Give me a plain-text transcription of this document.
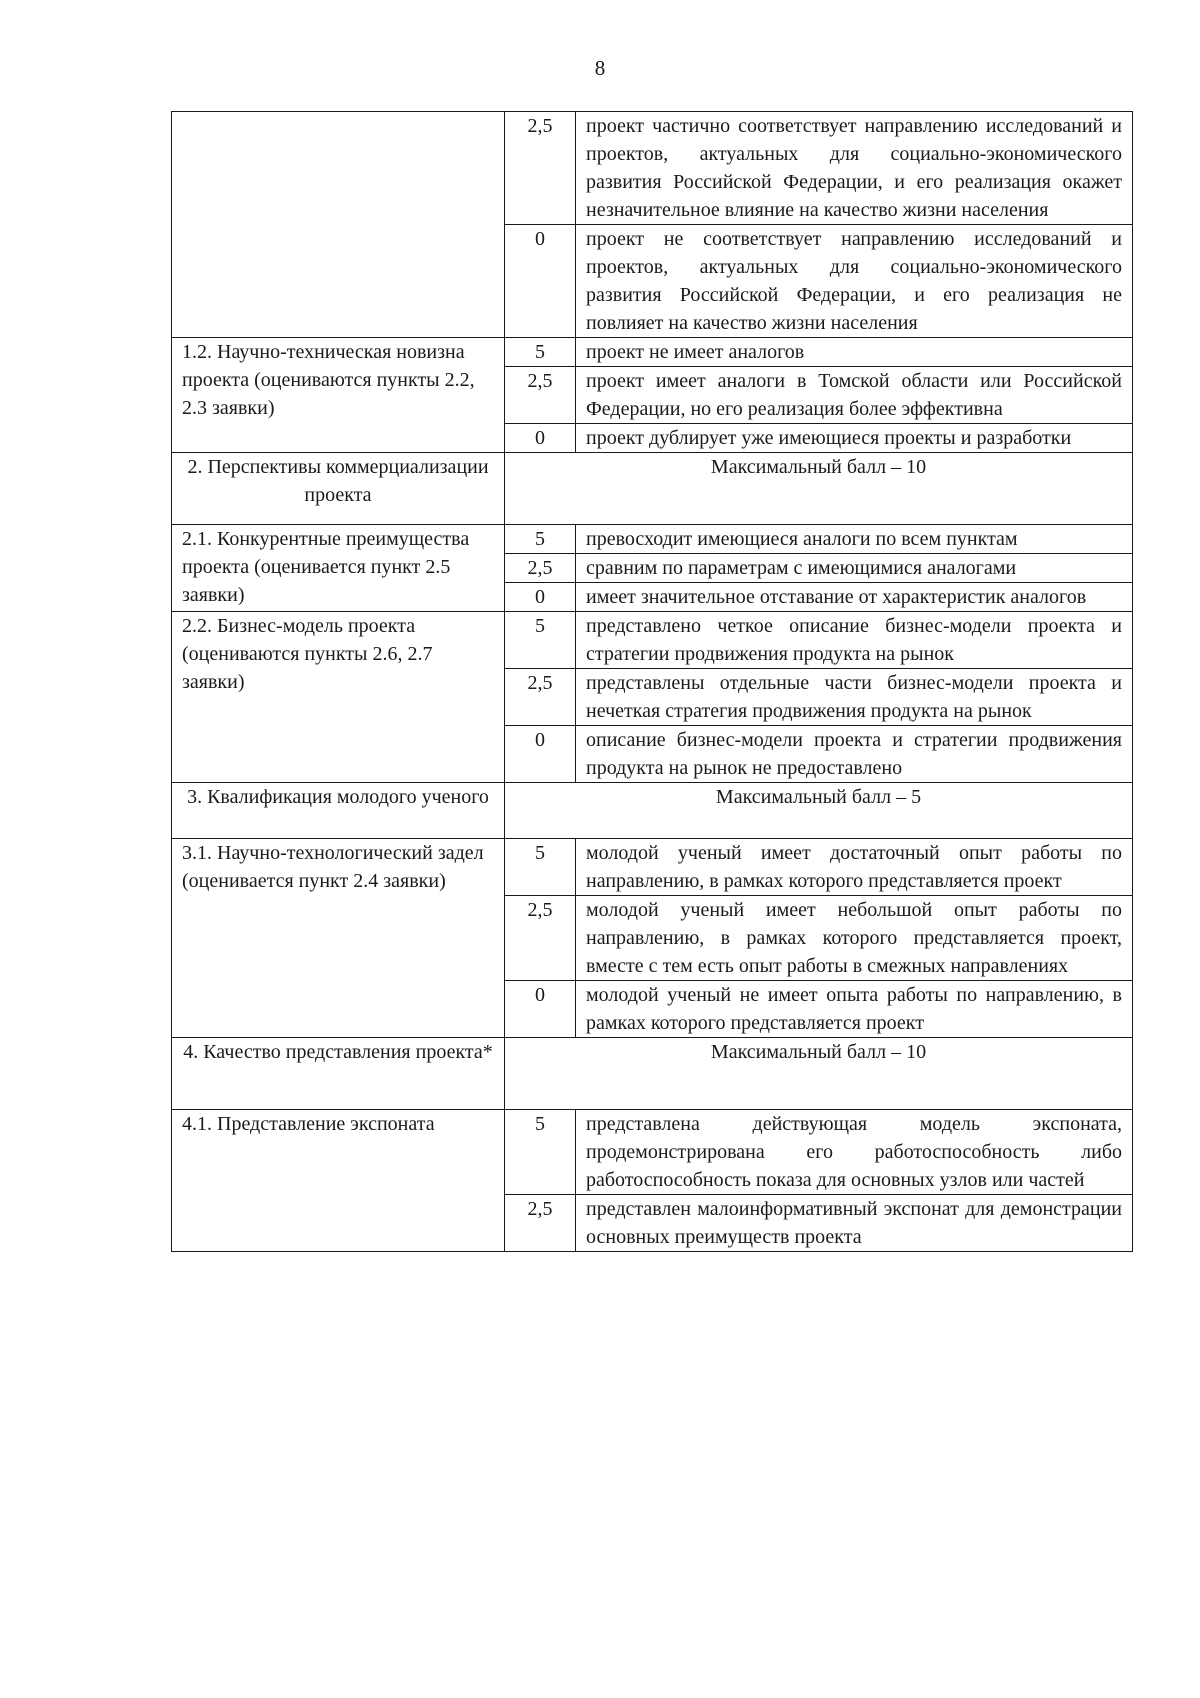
8
	2,5	проект частично соответствует направлению исследований и проектов, актуальных для социально-экономического развития Российской Федерации, и его реализация окажет незначительное влияние на качество жизни населения
	0	проект не соответствует направлению исследований и проектов, актуальных для социально-экономического развития Российской Федерации, и его реализация не повлияет на качество жизни населения
1.2. Научно-техническая новизна проекта (оцениваются пункты 2.2, 2.3 заявки)	5	проект не имеет аналогов
	2,5	проект имеет аналоги в Томской области или Российской Федерации, но его реализация более эффективна
	0	проект дублирует уже имеющиеся проекты и разработки
2. Перспективы коммерциализации проекта	Максимальный балл – 10	
2.1. Конкурентные преимущества проекта (оценивается пункт 2.5 заявки)	5	превосходит имеющиеся аналоги по всем пунктам
	2,5	сравним по параметрам с имеющимися аналогами
	0	имеет значительное отставание от характеристик аналогов
2.2. Бизнес-модель проекта (оцениваются пункты 2.6, 2.7 заявки)	5	представлено четкое описание бизнес-модели проекта и стратегии продвижения продукта на рынок
	2,5	представлены отдельные части бизнес-модели проекта и нечеткая стратегия продвижения продукта на рынок
	0	описание бизнес-модели проекта и стратегии продвижения продукта на рынок не предоставлено
3. Квалификация молодого ученого	Максимальный балл – 5	
3.1. Научно-технологический задел (оценивается пункт 2.4 заявки)	5	молодой ученый имеет достаточный опыт работы по направлению, в рамках которого представляется проект
	2,5	молодой ученый имеет небольшой опыт работы по направлению, в рамках которого представляется проект, вместе с тем есть опыт работы в смежных направлениях
	0	молодой ученый не имеет опыта работы по направлению, в рамках которого представляется проект
4. Качество представления проекта*	Максимальный балл – 10	
4.1. Представление экспоната	5	представлена действующая модель экспоната, продемонстрирована его работоспособность либо работоспособность показа для основных узлов или частей
	2,5	представлен малоинформативный экспонат для демонстрации основных преимуществ проекта
